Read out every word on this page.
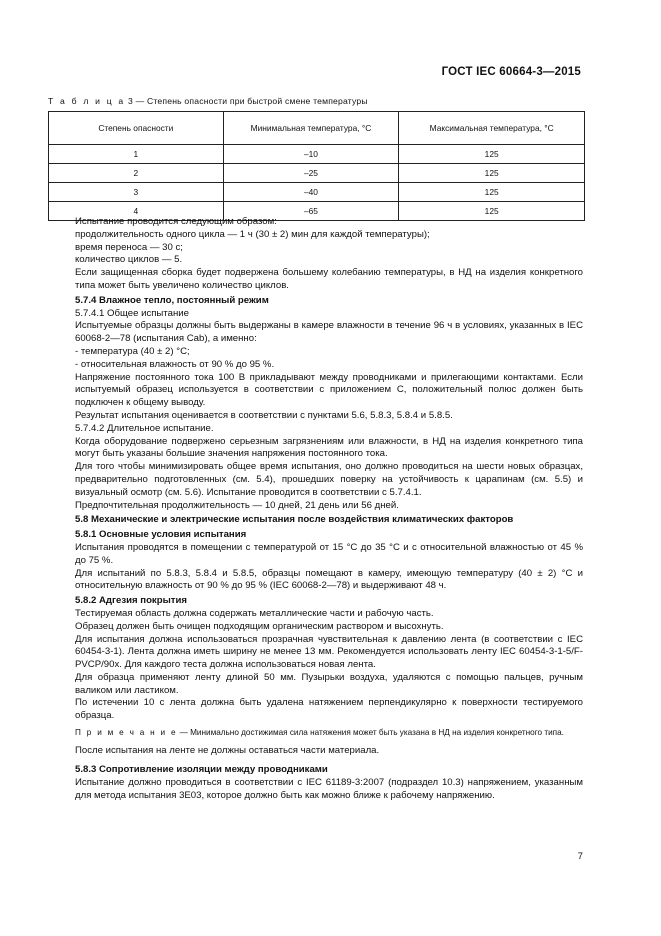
ГОСТ IEC 60664-3—2015
Т а б л и ц а 3 — Степень опасности при быстрой смене температуры
Степень опасности	Минимальная температура, °С	Максимальная температура, °С
1	–10	125
2	–25	125
3	–40	125
4	–65	125

Испытание проводится следующим образом:

продолжительность одного цикла — 1 ч (30 ± 2) мин для каждой температуры);

время переноса — 30 с;

количество циклов — 5.

Если защищенная сборка будет подвержена большему колебанию температуры, в НД на изделия конкретного типа может быть увеличено количество циклов.

5.7.4 Влажное тепло, постоянный режим

5.7.4.1 Общее испытание

Испытуемые образцы должны быть выдержаны в камере влажности в течение 96 ч в условиях, указанных в IEC 60068-2—78 (испытания Cab), а именно:

- температура (40 ± 2) °С;

- относительная влажность от 90 % до 95 %.

Напряжение постоянного тока 100 В прикладывают между проводниками и прилегающими контактами. Если испытуемый образец используется в соответствии с приложением С, положительный полюс должен быть подключен к общему выводу.

Результат испытания оценивается в соответствии с пунктами 5.6, 5.8.3, 5.8.4 и 5.8.5.

5.7.4.2 Длительное испытание.

Когда оборудование подвержено серьезным загрязнениям или влажности, в НД на изделия конкретного типа могут быть указаны большие значения напряжения постоянного тока.

Для того чтобы минимизировать общее время испытания, оно должно проводиться на шести новых образцах, предварительно подготовленных (см. 5.4), прошедших поверку на устойчивость к царапинам (см. 5.5) и визуальный осмотр (см. 5.6). Испытание проводится в соответствии с 5.7.4.1.

Предпочтительная продолжительность — 10 дней, 21 день или 56 дней.

5.8 Механические и электрические испытания после воздействия климатических факторов

5.8.1 Основные условия испытания

Испытания проводятся в помещении с температурой от 15 °С до 35 °С и с относительной влажностью от 45 % до 75 %.

Для испытаний по 5.8.3, 5.8.4 и 5.8.5, образцы помещают в камеру, имеющую температуру (40 ± 2) °С и относительную влажность от 90 % до 95 % (IEC 60068-2—78) и выдерживают 48 ч.

5.8.2 Адгезия покрытия

Тестируемая область должна содержать металлические части и рабочую часть.

Образец должен быть очищен подходящим органическим раствором и высохнуть.

Для испытания должна использоваться прозрачная чувствительная к давлению лента (в соответствии с IEC 60454-3-1). Лента должна иметь ширину не менее 13 мм. Рекомендуется использовать ленту IEC 60454-3-1-5/F-PVCP/90x. Для каждого теста должна использоваться новая лента.

Для образца применяют ленту длиной 50 мм. Пузырьки воздуха, удаляются с помощью пальцев, ручным валиком или ластиком.

По истечении 10 с лента должна быть удалена натяжением перпендикулярно к поверхности тестируемого образца.

П р и м е ч а н и е — Минимально достижимая сила натяжения может быть указана в НД на изделия конкретного типа.

После испытания на ленте не должны оставаться части материала.

5.8.3 Сопротивление изоляции между проводниками

Испытание должно проводиться в соответствии с IEC 61189-3:2007 (подраздел 10.3) напряжением, указанным для метода испытания 3Е03, которое должно быть как можно ближе к рабочему напряжению.

7
